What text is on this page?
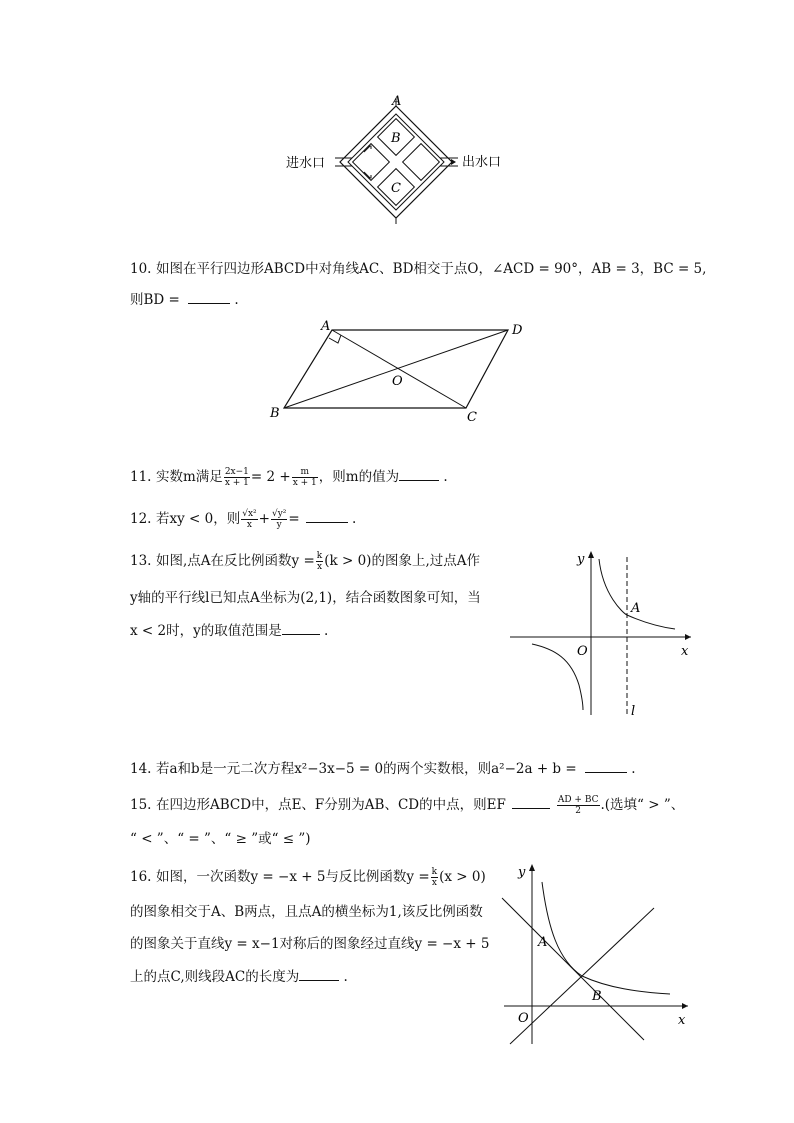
A
B
C
进水口	出水口
10. 如图在平行四边形ABCD中对角线AC、BD相交于点O，∠ACD = 90°，AB = 3，BC = 5,
则BD =	.
A	D
O
B	C
11. 实数m满足 $\frac{2x-1}{x + 1} = 2 + \frac{m}{x + 1}$ ，则m的值为	.
12. 若xy < 0，则 $\frac{\text{√x²}}{x} + \frac{\text{√y²}}{y}$ =	.
13. 如图,点A在反比例函数$y = \frac{k}{x} (k > 0)$的图象上,过点A作
y轴的平行线l已知点A坐标为(2,1)，结合函数图象可知，当
x < 2时，y的取值范围是	.
y
x
O
A
l
14. 若a和b是一元二次方程x²−3x−5 = 0的两个实数根，则a²−2a + b =	.
15. 在四边形ABCD中，点E、F分别为AB、CD的中点，则EF	$\frac{AD + BC}{2}$ .(选填“ > ”、
“ < ”、“ = ”、“ ≥ ”或“ ≤ ”)
16. 如图，一次函数y = −x + 5与反比例函数$y = \frac{k}{x} (x > 0)$
的图象相交于A、B两点，且点A的横坐标为1,该反比例函数
的图象关于直线y = x−1对称后的图象经过直线y = −x + 5
上的点C,则线段AC的长度为	.
y
x
O
A
B
